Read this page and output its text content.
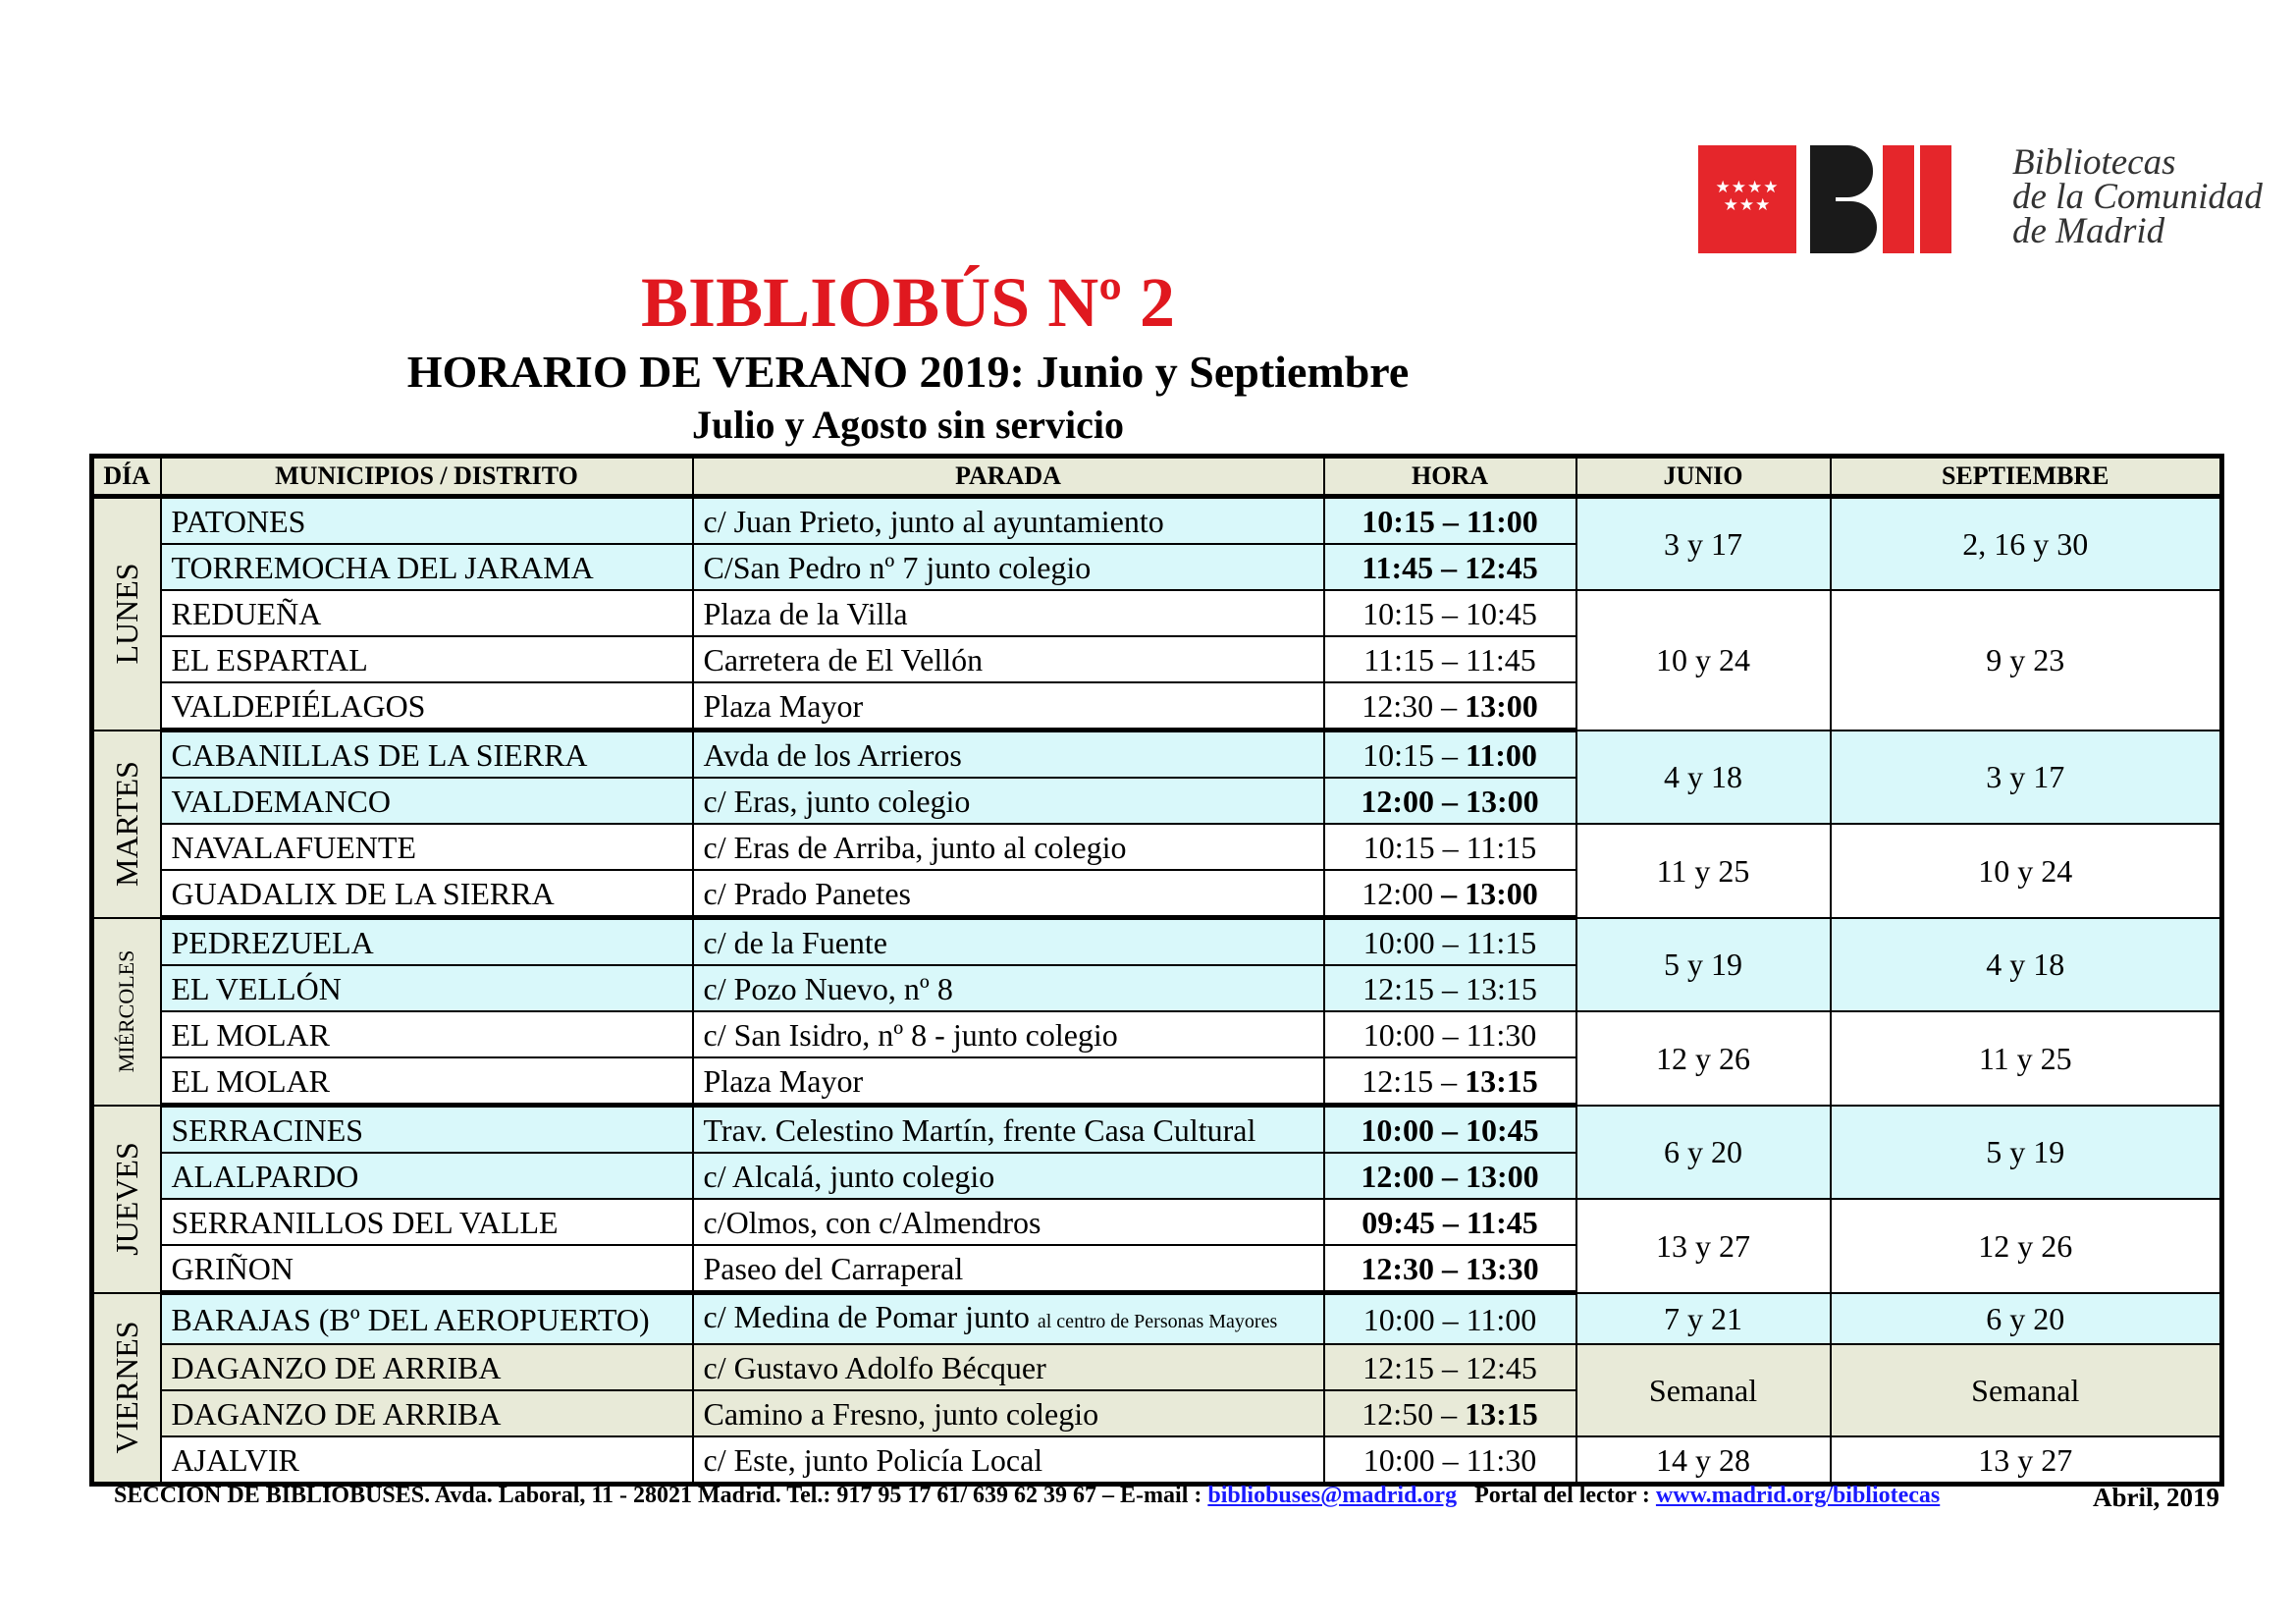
★★★★
★★★
Bibliotecas
de la Comunidad
de Madrid
BIBLIOBÚS Nº 2
HORARIO DE VERANO 2019: Junio y Septiembre
Julio y Agosto sin servicio
DÍA	MUNICIPIOS / DISTRITO	PARADA	HORA	JUNIO	SEPTIEMBRE

LUNES	PATONES	c/ Juan Prieto, junto al ayuntamiento	10:15 – 11:00	3 y 17	2, 16 y 30
	TORREMOCHA DEL JARAMA	C/San Pedro nº 7 junto colegio	11:45 – 12:45		
	REDUEÑA	Plaza de la Villa	10:15 – 10:45	10 y 24	9 y 23
	EL ESPARTAL	Carretera de El Vellón	11:15 – 11:45		
	VALDEPIÉLAGOS	Plaza Mayor	12:30 – 13:00		

MARTES	CABANILLAS DE LA SIERRA	Avda de los Arrieros	10:15 – 11:00	4 y 18	3 y 17
	VALDEMANCO	c/ Eras, junto colegio	12:00 – 13:00		
	NAVALAFUENTE	c/ Eras de Arriba, junto al colegio	10:15 – 11:15	11 y 25	10 y 24
	GUADALIX DE LA SIERRA	c/ Prado Panetes	12:00 – 13:00		

MIÉRCOLES	PEDREZUELA	c/ de la Fuente	10:00 – 11:15	5 y 19	4 y 18
	EL VELLÓN	c/ Pozo Nuevo, nº 8	12:15 – 13:15		
	EL MOLAR	c/ San Isidro, nº 8 - junto colegio	10:00 – 11:30	12 y 26	11 y 25
	EL MOLAR	Plaza Mayor	12:15 – 13:15		

JUEVES	SERRACINES	Trav. Celestino Martín, frente Casa Cultural	10:00 – 10:45	6 y 20	5 y 19
	ALALPARDO	c/ Alcalá, junto colegio	12:00 – 13:00		
	SERRANILLOS DEL VALLE	c/Olmos, con c/Almendros	09:45 – 11:45	13 y 27	12 y 26
	GRIÑON	Paseo del Carraperal	12:30 – 13:30		

VIERNES	BARAJAS (Bº DEL AEROPUERTO)	c/ Medina de Pomar junto al centro de Personas Mayores	10:00 – 11:00	7 y 21	6 y 20
	DAGANZO DE ARRIBA	c/ Gustavo Adolfo Bécquer	12:15 – 12:45	Semanal	Semanal
	DAGANZO DE ARRIBA	Camino a Fresno, junto colegio	12:50 – 13:15		
	AJALVIR	c/ Este, junto Policía Local	10:00 – 11:30	14 y 28	13 y 27
SECCION DE BIBLIOBUSES. Avda. Laboral, 11 - 28021 Madrid. Tel.: 917 95 17 61/ 639 62 39 67 – E-mail : bibliobuses@madrid.org   Portal del lector : www.madrid.org/bibliotecas	Abril, 2019
